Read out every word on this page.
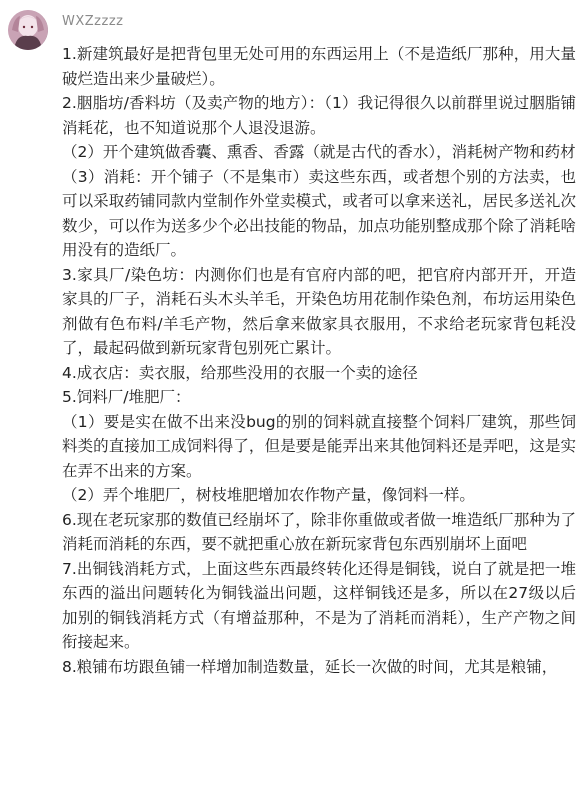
WXZzzzz

1.新建筑最好是把背包里无处可用的东西运用上（不是造纸厂那种，用大量破烂造出来少量破烂）。

2.胭脂坊/香料坊（及卖产物的地方）：（1）我记得很久以前群里说过胭脂铺消耗花，也不知道说那个人退没退游。

（2）开个建筑做香囊、熏香、香露（就是古代的香水），消耗树产物和药材

（3）消耗：开个铺子（不是集市）卖这些东西，或者想个别的方法卖，也可以采取药铺同款内堂制作外堂卖模式，或者可以拿来送礼，居民多送礼次数少，可以作为送多少个必出技能的物品，加点功能别整成那个除了消耗啥用没有的造纸厂。

3.家具厂/染色坊：内测你们也是有官府内部的吧，把官府内部开开，开造家具的厂子，消耗石头木头羊毛，开染色坊用花制作染色剂，布坊运用染色剂做有色布料/羊毛产物，然后拿来做家具衣服用，不求给老玩家背包耗没了，最起码做到新玩家背包别死亡累计。

4.成衣店：卖衣服，给那些没用的衣服一个卖的途径

5.饲料厂/堆肥厂：

（1）要是实在做不出来没bug的别的饲料就直接整个饲料厂建筑，那些饲料类的直接加工成饲料得了，但是要是能弄出来其他饲料还是弄吧，这是实在弄不出来的方案。

（2）弄个堆肥厂，树枝堆肥增加农作物产量，像饲料一样。

6.现在老玩家那的数值已经崩坏了，除非你重做或者做一堆造纸厂那种为了消耗而消耗的东西，要不就把重心放在新玩家背包东西别崩坏上面吧

7.出铜钱消耗方式，上面这些东西最终转化还得是铜钱，说白了就是把一堆东西的溢出问题转化为铜钱溢出问题，这样铜钱还是多，所以在27级以后加别的铜钱消耗方式（有增益那种，不是为了消耗而消耗），生产产物之间衔接起来。

8.粮铺布坊跟鱼铺一样增加制造数量，延长一次做的时间，尤其是粮铺，
